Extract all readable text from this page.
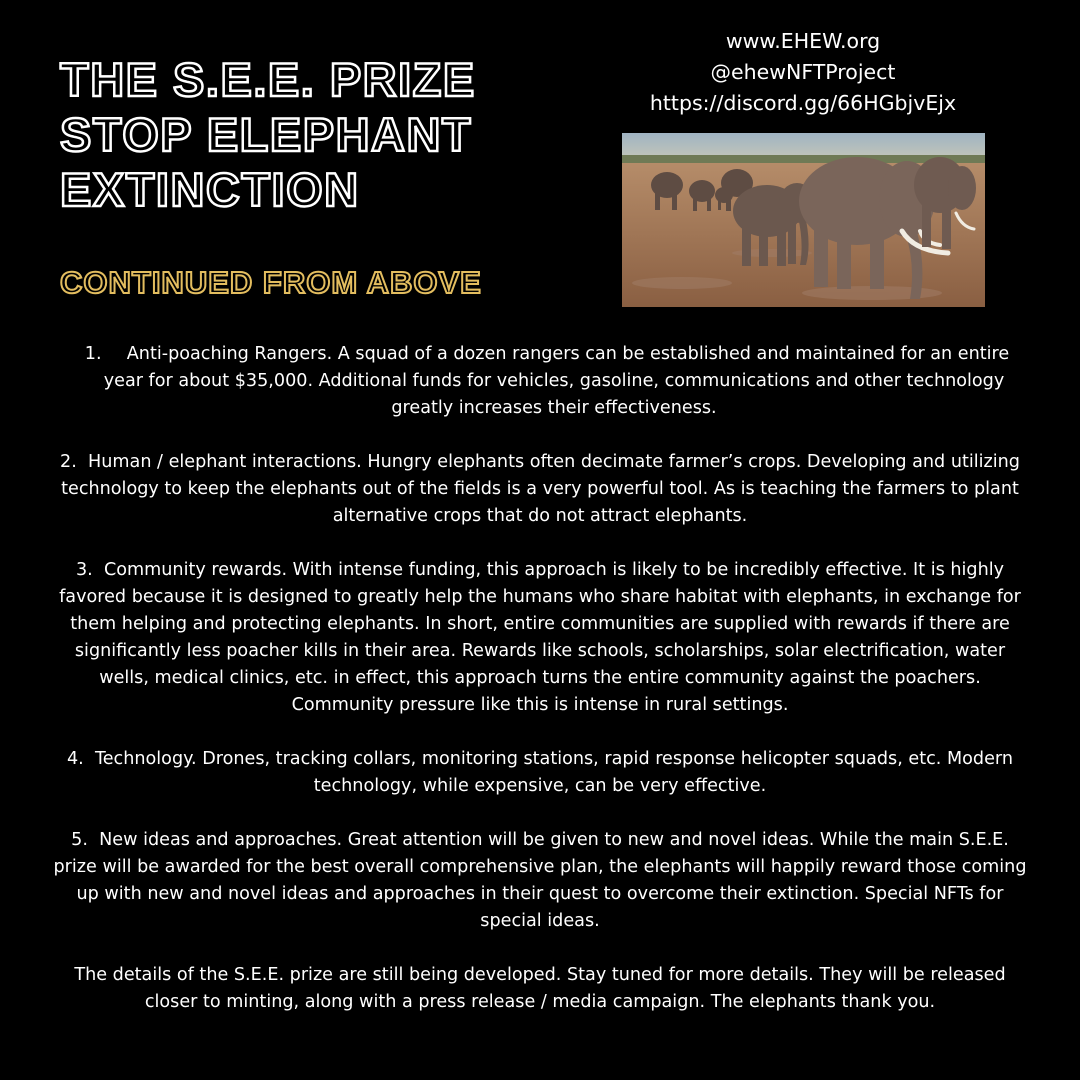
THE S.E.E. PRIZE
STOP ELEPHANT
EXTINCTION
CONTINUED FROM ABOVE
www.EHEW.org
@ehewNFTProject
https://discord.gg/66HGbjvEjx

1. Anti-poaching Rangers. A squad of a dozen rangers can be established and maintained for an entire year for about $35,000. Additional funds for vehicles, gasoline, communications and other technology greatly increases their effectiveness.

2. Human / elephant interactions. Hungry elephants often decimate farmer’s crops. Developing and utilizing technology to keep the elephants out of the fields is a very powerful tool. As is teaching the farmers to plant alternative crops that do not attract elephants.

3. Community rewards. With intense funding, this approach is likely to be incredibly effective. It is highly favored because it is designed to greatly help the humans who share habitat with elephants, in exchange for them helping and protecting elephants. In short, entire communities are supplied with rewards if there are significantly less poacher kills in their area. Rewards like schools, scholarships, solar electrification, water wells, medical clinics, etc. in effect, this approach turns the entire community against the poachers. Community pressure like this is intense in rural settings.

4. Technology. Drones, tracking collars, monitoring stations, rapid response helicopter squads, etc. Modern technology, while expensive, can be very effective.

5. New ideas and approaches. Great attention will be given to new and novel ideas. While the main S.E.E. prize will be awarded for the best overall comprehensive plan, the elephants will happily reward those coming up with new and novel ideas and approaches in their quest to overcome their extinction. Special NFTs for special ideas.

The details of the S.E.E. prize are still being developed. Stay tuned for more details. They will be released closer to minting, along with a press release / media campaign. The elephants thank you.
